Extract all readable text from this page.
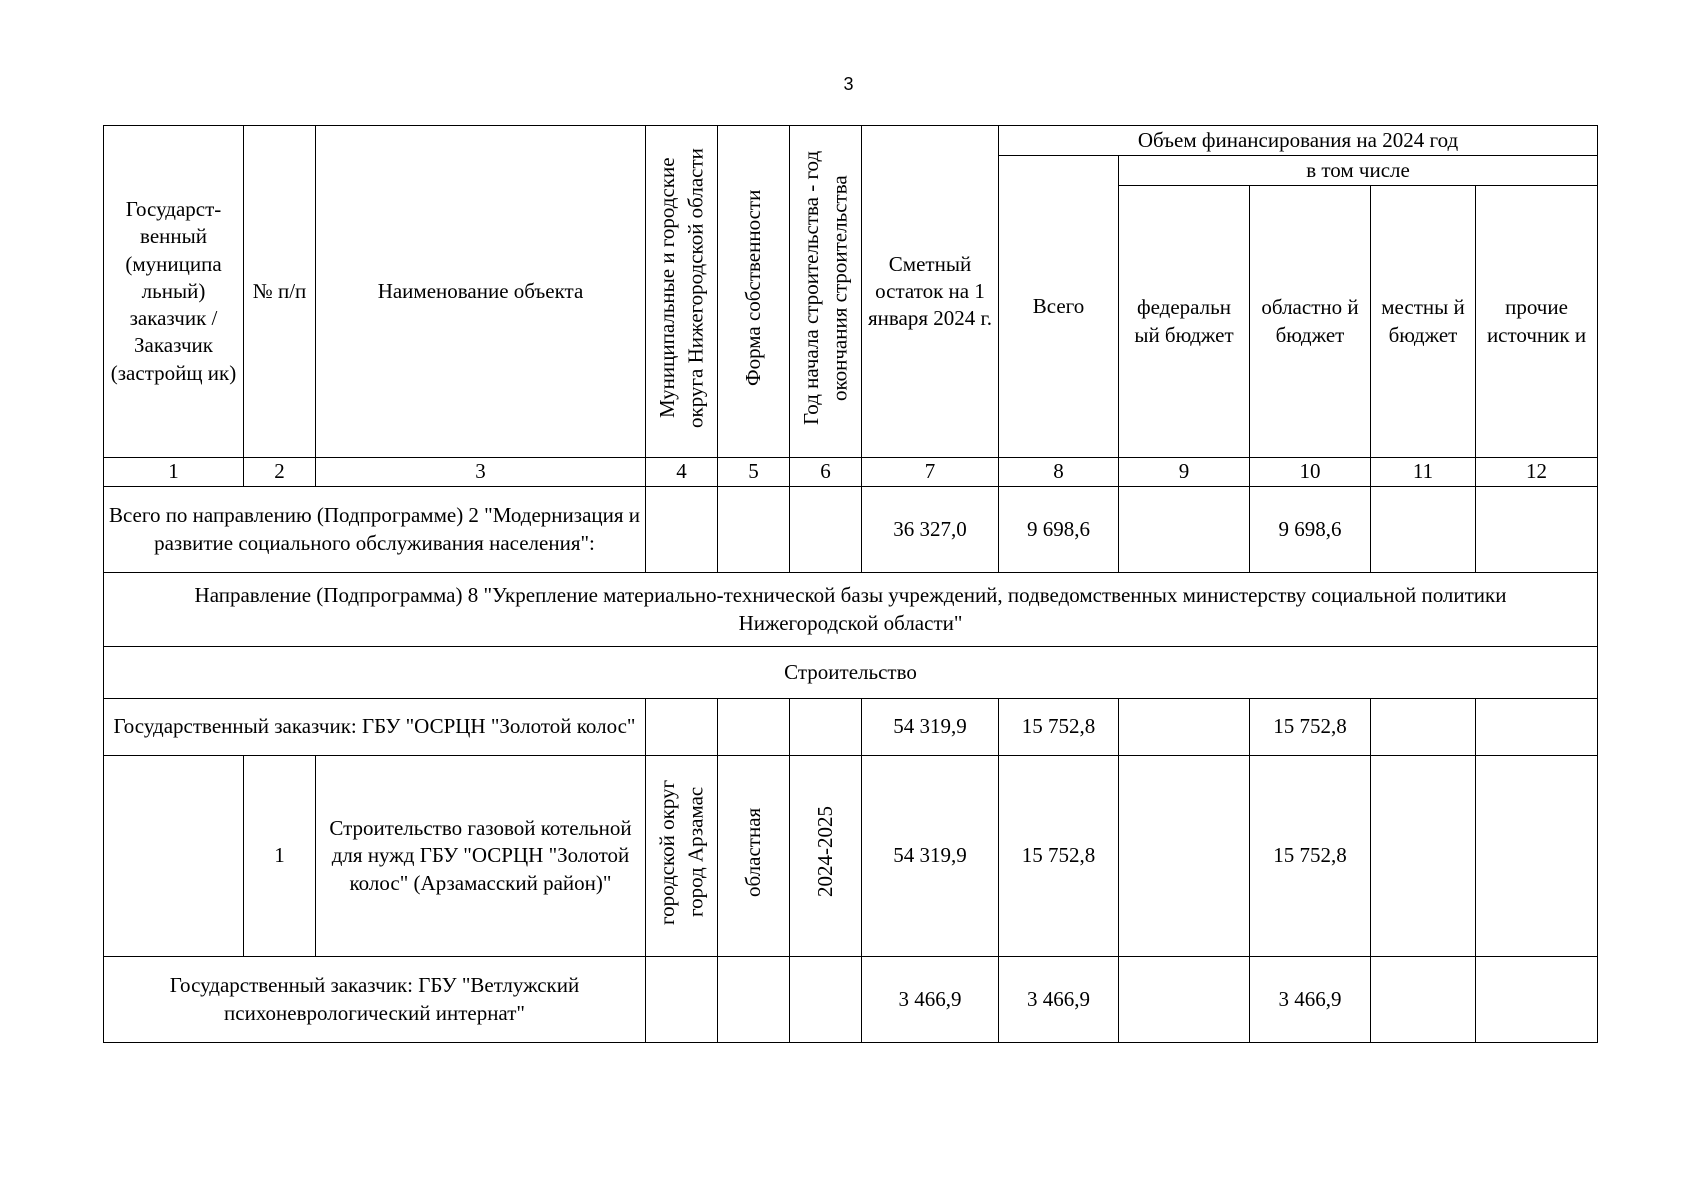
3
Государст-венный (муниципа льный) заказчик / Заказчик (застройщ ик)	№ п/п	Наименование объекта	Муниципальные и городские округа Нижегородской области	Форма собственности	Год начала строительства - год окончания строительства	Сметный остаток на 1 января 2024 г.	Объем финансирования на 2024 год				
							Всего	в том числе			
								федеральн ый бюджет	областно й бюджет	местны й бюджет	прочие источник и
1	2	3	4	5	6	7	8	9	10	11	12
Всего по направлению (Подпрограмме) 2 "Модернизация и развитие социального обслуживания населения":						36 327,0	9 698,6		9 698,6		
Направление (Подпрограмма) 8 "Укрепление материально-технической базы учреждений, подведомственных министерству социальной политики Нижегородской области"											
Строительство											
Государственный заказчик: ГБУ "ОСРЦН "Золотой колос"						54 319,9	15 752,8		15 752,8		
	1	Строительство газовой котельной для нужд ГБУ "ОСРЦН "Золотой колос" (Арзамасский район)"	городской округ город Арзамас	областная	2024-2025	54 319,9	15 752,8		15 752,8		
Государственный заказчик: ГБУ "Ветлужский психоневрологический интернат"						3 466,9	3 466,9		3 466,9		
